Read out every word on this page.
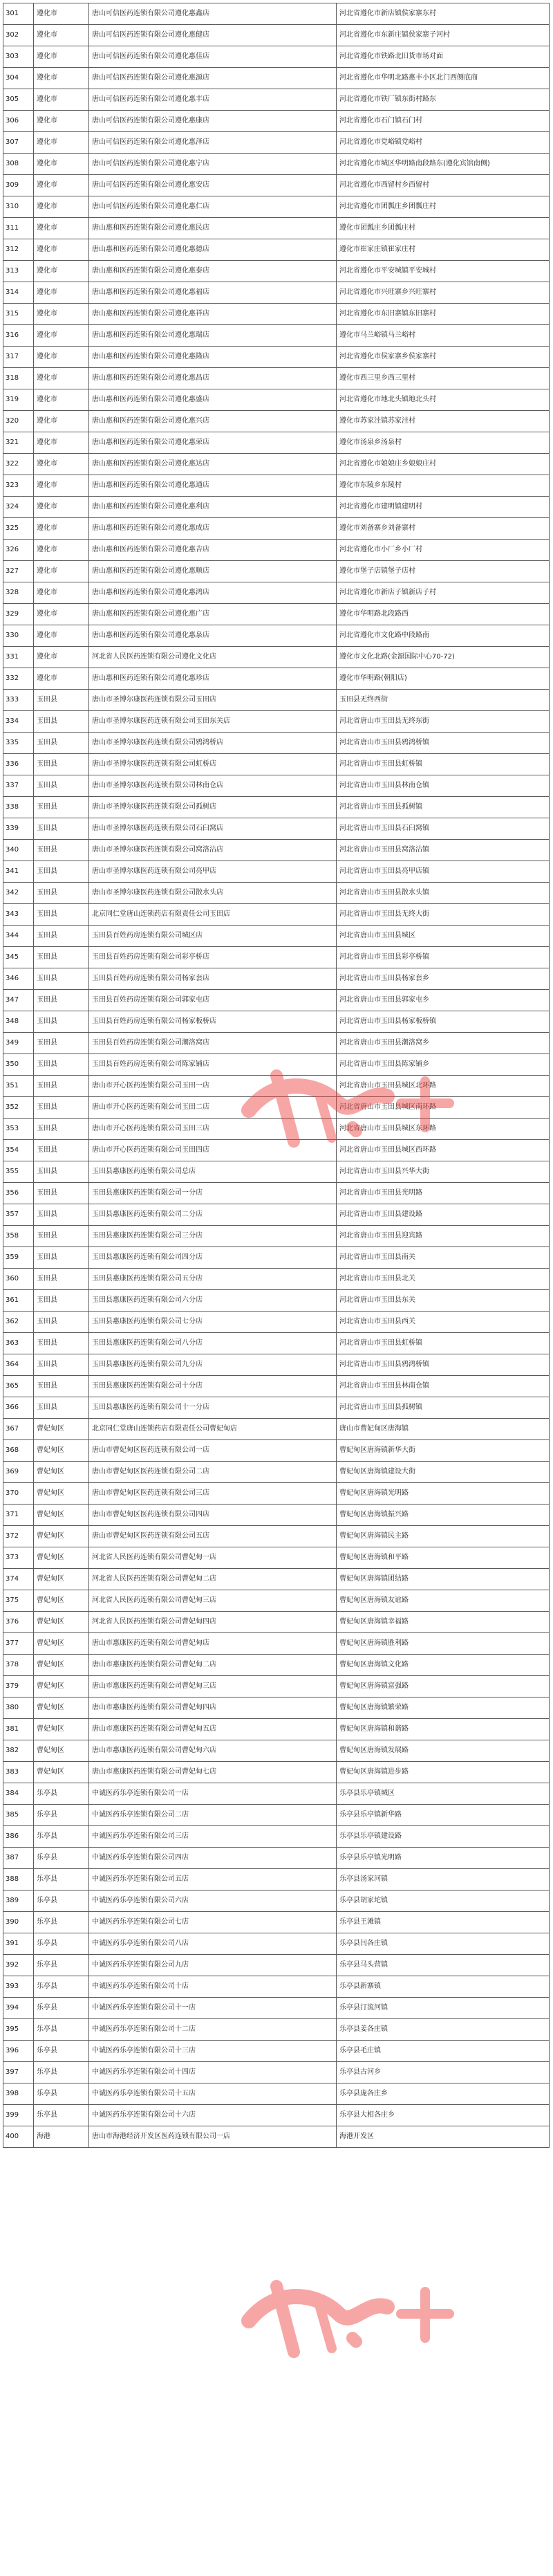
301	遵化市	唐山可信医药连锁有限公司遵化惠鑫店	河北省遵化市新店镇侯家寨东村
302	遵化市	唐山可信医药连锁有限公司遵化惠健店	河北省遵化市东新庄镇侯家寨子河村
303	遵化市	唐山可信医药连锁有限公司遵化惠佳店	河北省遵化市铁路北旧货市场对面
304	遵化市	唐山可信医药连锁有限公司遵化惠源店	河北省遵化市华明北路惠丰小区北门西侧底商
305	遵化市	唐山可信医药连锁有限公司遵化惠丰店	河北省遵化市铁厂镇东街村路东
306	遵化市	唐山可信医药连锁有限公司遵化惠康店	河北省遵化市石门镇石门村
307	遵化市	唐山可信医药连锁有限公司遵化惠泽店	河北省遵化市党峪镇党峪村
308	遵化市	唐山可信医药连锁有限公司遵化惠宁店	河北省遵化市城区华明路南段路东(遵化宾馆南侧)
309	遵化市	唐山可信医药连锁有限公司遵化惠安店	河北省遵化市西留村乡西留村
310	遵化市	唐山可信医药连锁有限公司遵化惠仁店	河北省遵化市团瓢庄乡团瓢庄村
311	遵化市	唐山惠和医药连锁有限公司遵化惠民店	遵化市团瓢庄乡团瓢庄村
312	遵化市	唐山惠和医药连锁有限公司遵化惠德店	遵化市崔家庄镇崔家庄村
313	遵化市	唐山惠和医药连锁有限公司遵化惠泰店	河北省遵化市平安城镇平安城村
314	遵化市	唐山惠和医药连锁有限公司遵化惠福店	河北省遵化市兴旺寨乡兴旺寨村
315	遵化市	唐山惠和医药连锁有限公司遵化惠祥店	河北省遵化市东旧寨镇东旧寨村
316	遵化市	唐山惠和医药连锁有限公司遵化惠瑞店	遵化市马兰峪镇马兰峪村
317	遵化市	唐山惠和医药连锁有限公司遵化惠隆店	河北省遵化市侯家寨乡侯家寨村
318	遵化市	唐山惠和医药连锁有限公司遵化惠昌店	遵化市西三里乡西三里村
319	遵化市	唐山惠和医药连锁有限公司遵化惠盛店	河北省遵化市地北头镇地北头村
320	遵化市	唐山惠和医药连锁有限公司遵化惠兴店	遵化市苏家洼镇苏家洼村
321	遵化市	唐山惠和医药连锁有限公司遵化惠荣店	遵化市汤泉乡汤泉村
322	遵化市	唐山惠和医药连锁有限公司遵化惠达店	河北省遵化市娘娘庄乡娘娘庄村
323	遵化市	唐山惠和医药连锁有限公司遵化惠通店	遵化市东陵乡东陵村
324	遵化市	唐山惠和医药连锁有限公司遵化惠利店	河北省遵化市建明镇建明村
325	遵化市	唐山惠和医药连锁有限公司遵化惠成店	遵化市刘备寨乡刘备寨村
326	遵化市	唐山惠和医药连锁有限公司遵化惠吉店	河北省遵化市小厂乡小厂村
327	遵化市	唐山惠和医药连锁有限公司遵化惠顺店	遵化市堡子店镇堡子店村
328	遵化市	唐山惠和医药连锁有限公司遵化惠鸿店	河北省遵化市新店子镇新店子村
329	遵化市	唐山惠和医药连锁有限公司遵化惠广店	遵化市华明路北段路西
330	遵化市	唐山惠和医药连锁有限公司遵化惠泉店	河北省遵化市文化路中段路南
331	遵化市	河北省人民医药连锁有限公司遵化文化店	遵化市文化北路(金源国际中心70-72)
332	遵化市	唐山惠和医药连锁有限公司遵化惠珍店	遵化市华明路(朝阳店)
333	玉田县	唐山市圣博尔康医药连锁有限公司玉田店	玉田县无终西街
334	玉田县	唐山市圣博尔康医药连锁有限公司玉田东关店	河北省唐山市玉田县无终东街
335	玉田县	唐山市圣博尔康医药连锁有限公司鸦鸿桥店	河北省唐山市玉田县鸦鸿桥镇
336	玉田县	唐山市圣博尔康医药连锁有限公司虹桥店	河北省唐山市玉田县虹桥镇
337	玉田县	唐山市圣博尔康医药连锁有限公司林南仓店	河北省唐山市玉田县林南仓镇
338	玉田县	唐山市圣博尔康医药连锁有限公司孤树店	河北省唐山市玉田县孤树镇
339	玉田县	唐山市圣博尔康医药连锁有限公司石臼窝店	河北省唐山市玉田县石臼窝镇
340	玉田县	唐山市圣博尔康医药连锁有限公司窝洛沽店	河北省唐山市玉田县窝洛沽镇
341	玉田县	唐山市圣博尔康医药连锁有限公司亮甲店	河北省唐山市玉田县亮甲店镇
342	玉田县	唐山市圣博尔康医药连锁有限公司散水头店	河北省唐山市玉田县散水头镇
343	玉田县	北京同仁堂唐山连锁药店有限责任公司玉田店	河北省唐山市玉田县无终大街
344	玉田县	玉田县百姓药房连锁有限公司城区店	河北省唐山市玉田县城区
345	玉田县	玉田县百姓药房连锁有限公司彩亭桥店	河北省唐山市玉田县彩亭桥镇
346	玉田县	玉田县百姓药房连锁有限公司杨家套店	河北省唐山市玉田县杨家套乡
347	玉田县	玉田县百姓药房连锁有限公司郭家屯店	河北省唐山市玉田县郭家屯乡
348	玉田县	玉田县百姓药房连锁有限公司杨家板桥店	河北省唐山市玉田县杨家板桥镇
349	玉田县	玉田县百姓药房连锁有限公司潮洛窝店	河北省唐山市玉田县潮洛窝乡
350	玉田县	玉田县百姓药房连锁有限公司陈家铺店	河北省唐山市玉田县陈家铺乡
351	玉田县	唐山市开心医药连锁有限公司玉田一店	河北省唐山市玉田县城区北环路
352	玉田县	唐山市开心医药连锁有限公司玉田二店	河北省唐山市玉田县城区南环路
353	玉田县	唐山市开心医药连锁有限公司玉田三店	河北省唐山市玉田县城区东环路
354	玉田县	唐山市开心医药连锁有限公司玉田四店	河北省唐山市玉田县城区西环路
355	玉田县	玉田县惠康医药连锁有限公司总店	河北省唐山市玉田县兴华大街
356	玉田县	玉田县惠康医药连锁有限公司一分店	河北省唐山市玉田县光明路
357	玉田县	玉田县惠康医药连锁有限公司二分店	河北省唐山市玉田县建设路
358	玉田县	玉田县惠康医药连锁有限公司三分店	河北省唐山市玉田县迎宾路
359	玉田县	玉田县惠康医药连锁有限公司四分店	河北省唐山市玉田县南关
360	玉田县	玉田县惠康医药连锁有限公司五分店	河北省唐山市玉田县北关
361	玉田县	玉田县惠康医药连锁有限公司六分店	河北省唐山市玉田县东关
362	玉田县	玉田县惠康医药连锁有限公司七分店	河北省唐山市玉田县西关
363	玉田县	玉田县惠康医药连锁有限公司八分店	河北省唐山市玉田县虹桥镇
364	玉田县	玉田县惠康医药连锁有限公司九分店	河北省唐山市玉田县鸦鸿桥镇
365	玉田县	玉田县惠康医药连锁有限公司十分店	河北省唐山市玉田县林南仓镇
366	玉田县	玉田县惠康医药连锁有限公司十一分店	河北省唐山市玉田县孤树镇
367	曹妃甸区	北京同仁堂唐山连锁药店有限责任公司曹妃甸店	唐山市曹妃甸区唐海镇
368	曹妃甸区	唐山市曹妃甸区医药连锁有限公司一店	曹妃甸区唐海镇新华大街
369	曹妃甸区	唐山市曹妃甸区医药连锁有限公司二店	曹妃甸区唐海镇建设大街
370	曹妃甸区	唐山市曹妃甸区医药连锁有限公司三店	曹妃甸区唐海镇光明路
371	曹妃甸区	唐山市曹妃甸区医药连锁有限公司四店	曹妃甸区唐海镇振兴路
372	曹妃甸区	唐山市曹妃甸区医药连锁有限公司五店	曹妃甸区唐海镇民主路
373	曹妃甸区	河北省人民医药连锁有限公司曹妃甸一店	曹妃甸区唐海镇和平路
374	曹妃甸区	河北省人民医药连锁有限公司曹妃甸二店	曹妃甸区唐海镇团结路
375	曹妃甸区	河北省人民医药连锁有限公司曹妃甸三店	曹妃甸区唐海镇友谊路
376	曹妃甸区	河北省人民医药连锁有限公司曹妃甸四店	曹妃甸区唐海镇幸福路
377	曹妃甸区	唐山市惠康医药连锁有限公司曹妃甸店	曹妃甸区唐海镇胜利路
378	曹妃甸区	唐山市惠康医药连锁有限公司曹妃甸二店	曹妃甸区唐海镇文化路
379	曹妃甸区	唐山市惠康医药连锁有限公司曹妃甸三店	曹妃甸区唐海镇富强路
380	曹妃甸区	唐山市惠康医药连锁有限公司曹妃甸四店	曹妃甸区唐海镇繁荣路
381	曹妃甸区	唐山市惠康医药连锁有限公司曹妃甸五店	曹妃甸区唐海镇和谐路
382	曹妃甸区	唐山市惠康医药连锁有限公司曹妃甸六店	曹妃甸区唐海镇发展路
383	曹妃甸区	唐山市惠康医药连锁有限公司曹妃甸七店	曹妃甸区唐海镇进步路
384	乐亭县	中诚医药乐亭连锁有限公司一店	乐亭县乐亭镇城区
385	乐亭县	中诚医药乐亭连锁有限公司二店	乐亭县乐亭镇新华路
386	乐亭县	中诚医药乐亭连锁有限公司三店	乐亭县乐亭镇建设路
387	乐亭县	中诚医药乐亭连锁有限公司四店	乐亭县乐亭镇光明路
388	乐亭县	中诚医药乐亭连锁有限公司五店	乐亭县汤家河镇
389	乐亭县	中诚医药乐亭连锁有限公司六店	乐亭县胡家坨镇
390	乐亭县	中诚医药乐亭连锁有限公司七店	乐亭县王滩镇
391	乐亭县	中诚医药乐亭连锁有限公司八店	乐亭县闫各庄镇
392	乐亭县	中诚医药乐亭连锁有限公司九店	乐亭县马头营镇
393	乐亭县	中诚医药乐亭连锁有限公司十店	乐亭县新寨镇
394	乐亭县	中诚医药乐亭连锁有限公司十一店	乐亭县汀流河镇
395	乐亭县	中诚医药乐亭连锁有限公司十二店	乐亭县姜各庄镇
396	乐亭县	中诚医药乐亭连锁有限公司十三店	乐亭县毛庄镇
397	乐亭县	中诚医药乐亭连锁有限公司十四店	乐亭县古河乡
398	乐亭县	中诚医药乐亭连锁有限公司十五店	乐亭县庞各庄乡
399	乐亭县	中诚医药乐亭连锁有限公司十六店	乐亭县大相各庄乡
400	海港	唐山市海港经济开发区医药连锁有限公司一店	海港开发区
